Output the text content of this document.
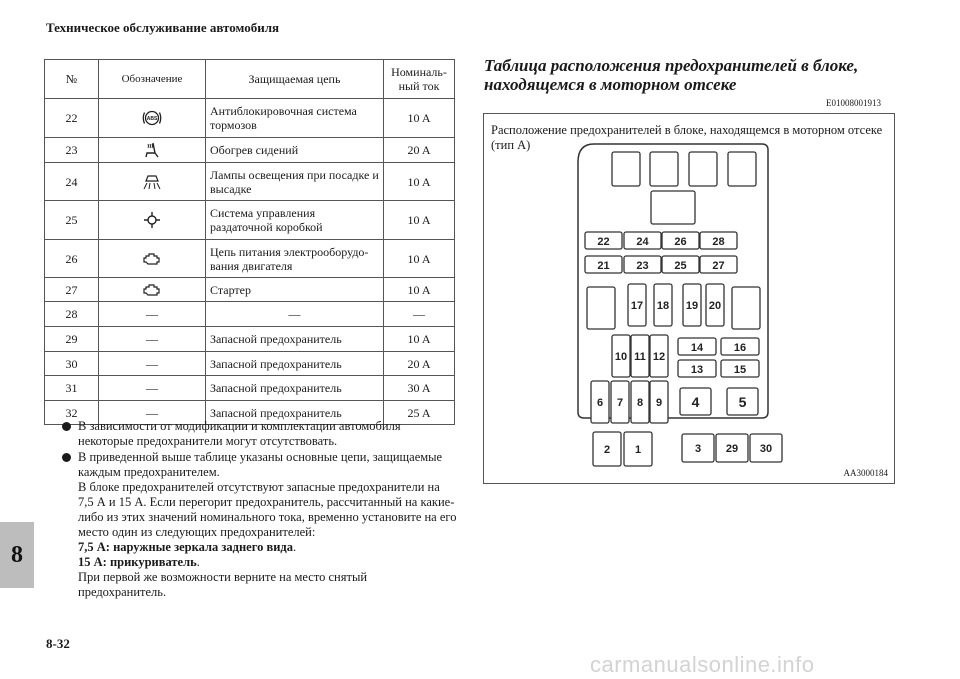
Техническое обслуживание автомобиля
№	Обозначение	Защищаемая цепь	Номиналь-ный ток
22	ABS	Антиблокировочная система тормозов	10 A
23		Обогрев сидений	20 A
24		Лампы освещения при посадке и высадке	10 A
25		Система управления раздаточной коробкой	10 A
26		Цепь питания электрооборудо-вания двигателя	10 A
27		Стартер	10 A
28	—	—	—
29	—	Запасной предохранитель	10 A
30	—	Запасной предохранитель	20 A
31	—	Запасной предохранитель	30 A
32	—	Запасной предохранитель	25 A

В зависимости от модификации и комплектации автомобиля некоторые предохранители могут отсутствовать.

В приведенной выше таблице указаны основные цепи, защищаемые каждым предохранителем.

В блоке предохранителей отсутствуют запасные предохранители на 7,5 А и 15 А. Если перегорит предохранитель, рассчитанный на какие-либо из этих значений номинального тока, временно установите на его место один из следующих предохранителей:

7,5 А: наружные зеркала заднего вида.

15 А: прикуриватель.

При первой же возможности верните на место снятый предохранитель.

Таблица расположения предохранителей в блоке,
находящемся в моторном отсеке
E01008001913
Расположение предохранителей в блоке, находящемся в моторном отсеке (тип A)
22 24 26 28
21 23 25 27
17 18 19 20
14	16
13	15
10 11 12
6 7 8 9 4	5
2 1	3 29 30
AA3000184
8
8-32
carmanualsonline.info
